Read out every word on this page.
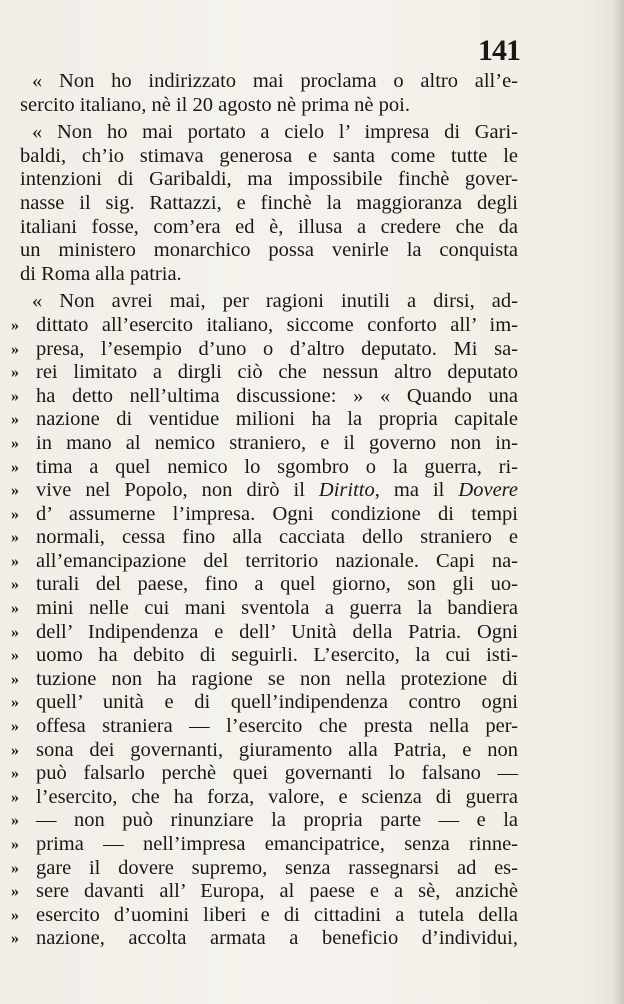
141
« Non ho indirizzato mai proclama o altro all’e-
sercito italiano, nè il 20 agosto nè prima nè poi.
« Non ho mai portato a cielo l’ impresa di Gari-
baldi, ch’io stimava generosa e santa come tutte le
intenzioni di Garibaldi, ma impossibile finchè gover-
nasse il sig. Rattazzi, e finchè la maggioranza degli
italiani fosse, com’era ed è, illusa a credere che da
un ministero monarchico possa venirle la conquista
di Roma alla patria.
« Non avrei mai, per ragioni inutili a dirsi, ad-
» dittato all’esercito italiano, siccome conforto all’ im-
» presa, l’esempio d’uno o d’altro deputato. Mi sa-
» rei limitato a dirgli ciò che nessun altro deputato
» ha detto nell’ultima discussione: » « Quando una
» nazione di ventidue milioni ha la propria capitale
» in mano al nemico straniero, e il governo non in-
» tima a quel nemico lo sgombro o la guerra, ri-
» vive nel Popolo, non dirò il Diritto, ma il Dovere
» d’ assumerne l’impresa. Ogni condizione di tempi
» normali, cessa fino alla cacciata dello straniero e
» all’emancipazione del territorio nazionale. Capi na-
» turali del paese, fino a quel giorno, son gli uo-
» mini nelle cui mani sventola a guerra la bandiera
» dell’ Indipendenza e dell’ Unità della Patria. Ogni
» uomo ha debito di seguirli. L’esercito, la cui isti-
» tuzione non ha ragione se non nella protezione di
» quell’ unità e di quell’indipendenza contro ogni
» offesa straniera — l’esercito che presta nella per-
» sona dei governanti, giuramento alla Patria, e non
» può falsarlo perchè quei governanti lo falsano —
» l’esercito, che ha forza, valore, e scienza di guerra
» — non può rinunziare la propria parte — e la
» prima — nell’impresa emancipatrice, senza rinne-
» gare il dovere supremo, senza rassegnarsi ad es-
» sere davanti all’ Europa, al paese e a sè, anzichè
» esercito d’uomini liberi e di cittadini a tutela della
» nazione, accolta armata a beneficio d’individui,
